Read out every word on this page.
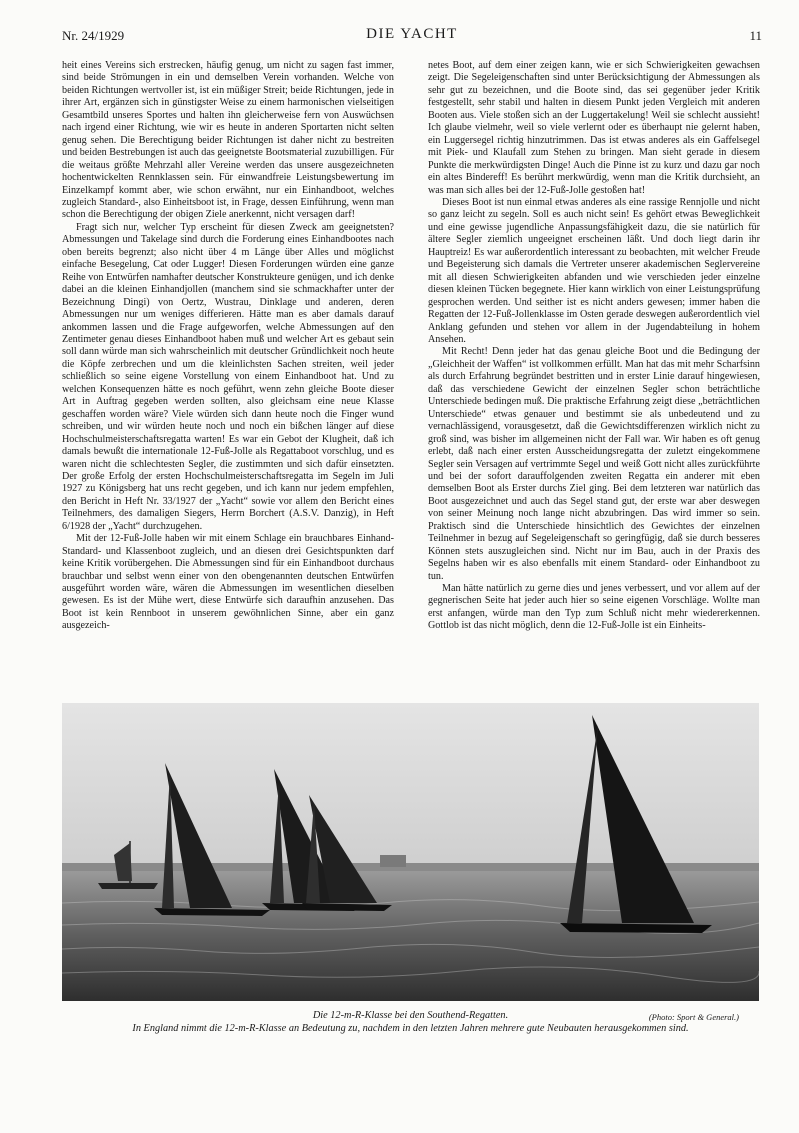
Nr. 24/1929	DIE YACHT	11

heit eines Vereins sich erstrecken, häufig genug, um nicht zu sagen fast immer, sind beide Strömungen in ein und demselben Verein vorhanden. Welche von beiden Richtungen wertvoller ist, ist ein müßiger Streit; beide Richtungen, jede in ihrer Art, ergänzen sich in günstigster Weise zu einem harmonischen vielseitigen Gesamtbild unseres Sportes und halten ihn gleicherweise fern von Auswüchsen nach irgend einer Richtung, wie wir es heute in anderen Sportarten nicht selten genug sehen. Die Berechtigung beider Richtungen ist daher nicht zu bestreiten und beiden Bestrebungen ist auch das geeignetste Bootsmaterial zuzubilligen. Für die weitaus größte Mehrzahl aller Vereine werden das unsere ausgezeichneten hochentwickelten Rennklassen sein. Für einwandfreie Leistungsbewertung im Einzelkampf kommt aber, wie schon erwähnt, nur ein Einhandboot, welches zugleich Standard-, also Einheitsboot ist, in Frage, dessen Einführung, wenn man schon die Berechtigung der obigen Ziele anerkennt, nicht versagen darf!

Fragt sich nur, welcher Typ erscheint für diesen Zweck am geeignetsten? Abmessungen und Takelage sind durch die Forderung eines Einhandbootes nach oben bereits begrenzt; also nicht über 4 m Länge über Alles und möglichst einfache Besegelung, Cat oder Lugger! Diesen Forderungen würden eine ganze Reihe von Entwürfen namhafter deutscher Konstrukteure genügen, und ich denke dabei an die kleinen Einhandjollen (manchem sind sie schmackhafter unter der Bezeichnung Dingi) von Oertz, Wustrau, Dinklage und anderen, deren Abmessungen nur um weniges differieren. Hätte man es aber damals darauf ankommen lassen und die Frage aufgeworfen, welche Abmessungen auf den Zentimeter genau dieses Einhandboot haben muß und welcher Art es gebaut sein soll dann würde man sich wahrscheinlich mit deutscher Gründlichkeit noch heute die Köpfe zerbrechen und um die kleinlichsten Sachen streiten, weil jeder schließlich so seine eigene Vorstellung von einem Einhandboot hat. Und zu welchen Konsequenzen hätte es noch geführt, wenn zehn gleiche Boote dieser Art in Auftrag gegeben werden sollten, also gleichsam eine neue Klasse geschaffen worden wäre? Viele würden sich dann heute noch die Finger wund schreiben, und wir würden heute noch und noch ein bißchen länger auf diese Hochschulmeisterschaftsregatta warten! Es war ein Gebot der Klugheit, daß ich damals bewußt die internationale 12-Fuß-Jolle als Regattaboot vorschlug, und es waren nicht die schlechtesten Segler, die zustimmten und sich dafür einsetzten. Der große Erfolg der ersten Hochschulmeisterschaftsregatta im Segeln im Juli 1927 zu Königsberg hat uns recht gegeben, und ich kann nur jedem empfehlen, den Bericht in Heft Nr. 33/1927 der „Yacht“ sowie vor allem den Bericht eines Teilnehmers, des damaligen Siegers, Herrn Borchert (A.S.V. Danzig), in Heft 6/1928 der „Yacht“ durchzugehen.

Mit der 12-Fuß-Jolle haben wir mit einem Schlage ein brauchbares Einhand-Standard- und Klassenboot zugleich, und an diesen drei Gesichtspunkten darf keine Kritik vorübergehen. Die Abmessungen sind für ein Einhandboot durchaus brauchbar und selbst wenn einer von den obengenannten deutschen Entwürfen ausgeführt worden wäre, wären die Abmessungen im wesentlichen dieselben gewesen. Es ist der Mühe wert, diese Entwürfe sich daraufhin anzusehen. Das Boot ist kein Rennboot in unserem gewöhnlichen Sinne, aber ein ganz ausgezeich-

netes Boot, auf dem einer zeigen kann, wie er sich Schwierigkeiten gewachsen zeigt. Die Segeleigenschaften sind unter Berücksichtigung der Abmessungen als sehr gut zu bezeichnen, und die Boote sind, das sei gegenüber jeder Kritik festgestellt, sehr stabil und halten in diesem Punkt jeden Vergleich mit anderen Booten aus. Viele stoßen sich an der Luggertakelung! Weil sie schlecht aussieht! Ich glaube vielmehr, weil so viele verlernt oder es überhaupt nie gelernt haben, ein Luggersegel richtig hinzutrimmen. Das ist etwas anderes als ein Gaffelsegel mit Piek- und Klaufall zum Stehen zu bringen. Man sieht gerade in diesem Punkte die merkwürdigsten Dinge! Auch die Pinne ist zu kurz und dazu gar noch ein altes Bindereff! Es berührt merkwürdig, wenn man die Kritik durchsieht, an was man sich alles bei der 12-Fuß-Jolle gestoßen hat!

Dieses Boot ist nun einmal etwas anderes als eine rassige Rennjolle und nicht so ganz leicht zu segeln. Soll es auch nicht sein! Es gehört etwas Beweglichkeit und eine gewisse jugendliche Anpassungsfähigkeit dazu, die sie natürlich für ältere Segler ziemlich ungeeignet erscheinen läßt. Und doch liegt darin ihr Hauptreiz! Es war außerordentlich interessant zu beobachten, mit welcher Freude und Begeisterung sich damals die Vertreter unserer akademischen Seglervereine mit all diesen Schwierigkeiten abfanden und wie verschieden jeder einzelne diesen kleinen Tücken begegnete. Hier kann wirklich von einer Leistungsprüfung gesprochen werden. Und seither ist es nicht anders gewesen; immer haben die Regatten der 12-Fuß-Jollenklasse im Osten gerade deswegen außerordentlich viel Anklang gefunden und stehen vor allem in der Jugendabteilung in hohem Ansehen.

Mit Recht! Denn jeder hat das genau gleiche Boot und die Bedingung der „Gleichheit der Waffen“ ist vollkommen erfüllt. Man hat das mit mehr Scharfsinn als durch Erfahrung begründet bestritten und in erster Linie darauf hingewiesen, daß das verschiedene Gewicht der einzelnen Segler schon beträchtliche Unterschiede bedingen muß. Die praktische Erfahrung zeigt diese „beträchtlichen Unterschiede“ etwas genauer und bestimmt sie als unbedeutend und zu vernachlässigend, vorausgesetzt, daß die Gewichtsdifferenzen wirklich nicht zu groß sind, was bisher im allgemeinen nicht der Fall war. Wir haben es oft genug erlebt, daß nach einer ersten Ausscheidungsregatta der zuletzt eingekommene Segler sein Versagen auf vertrimmte Segel und weiß Gott nicht alles zurückführte und bei der sofort darauffolgenden zweiten Regatta ein anderer mit eben demselben Boot als Erster durchs Ziel ging. Bei dem letzteren war natürlich das Boot ausgezeichnet und auch das Segel stand gut, der erste war aber deswegen von seiner Meinung noch lange nicht abzubringen. Das wird immer so sein. Praktisch sind die Unterschiede hinsichtlich des Gewichtes der einzelnen Teilnehmer in bezug auf Segeleigenschaft so geringfügig, daß sie durch besseres Können stets auszugleichen sind. Nicht nur im Bau, auch in der Praxis des Segelns haben wir es also ebenfalls mit einem Standard- oder Einhandboot zu tun.

Man hätte natürlich zu gerne dies und jenes verbessert, und vor allem auf der gegnerischen Seite hat jeder auch hier so seine eigenen Vorschläge. Wollte man erst anfangen, würde man den Typ zum Schluß nicht mehr wiedererkennen. Gottlob ist das nicht möglich, denn die 12-Fuß-Jolle ist ein Einheits-

Die 12-m-R-Klasse bei den Southend-Regatten.	(Photo: Sport & General.)
In England nimmt die 12-m-R-Klasse an Bedeutung zu, nachdem in den letzten Jahren mehrere gute Neubauten herausgekommen sind.
